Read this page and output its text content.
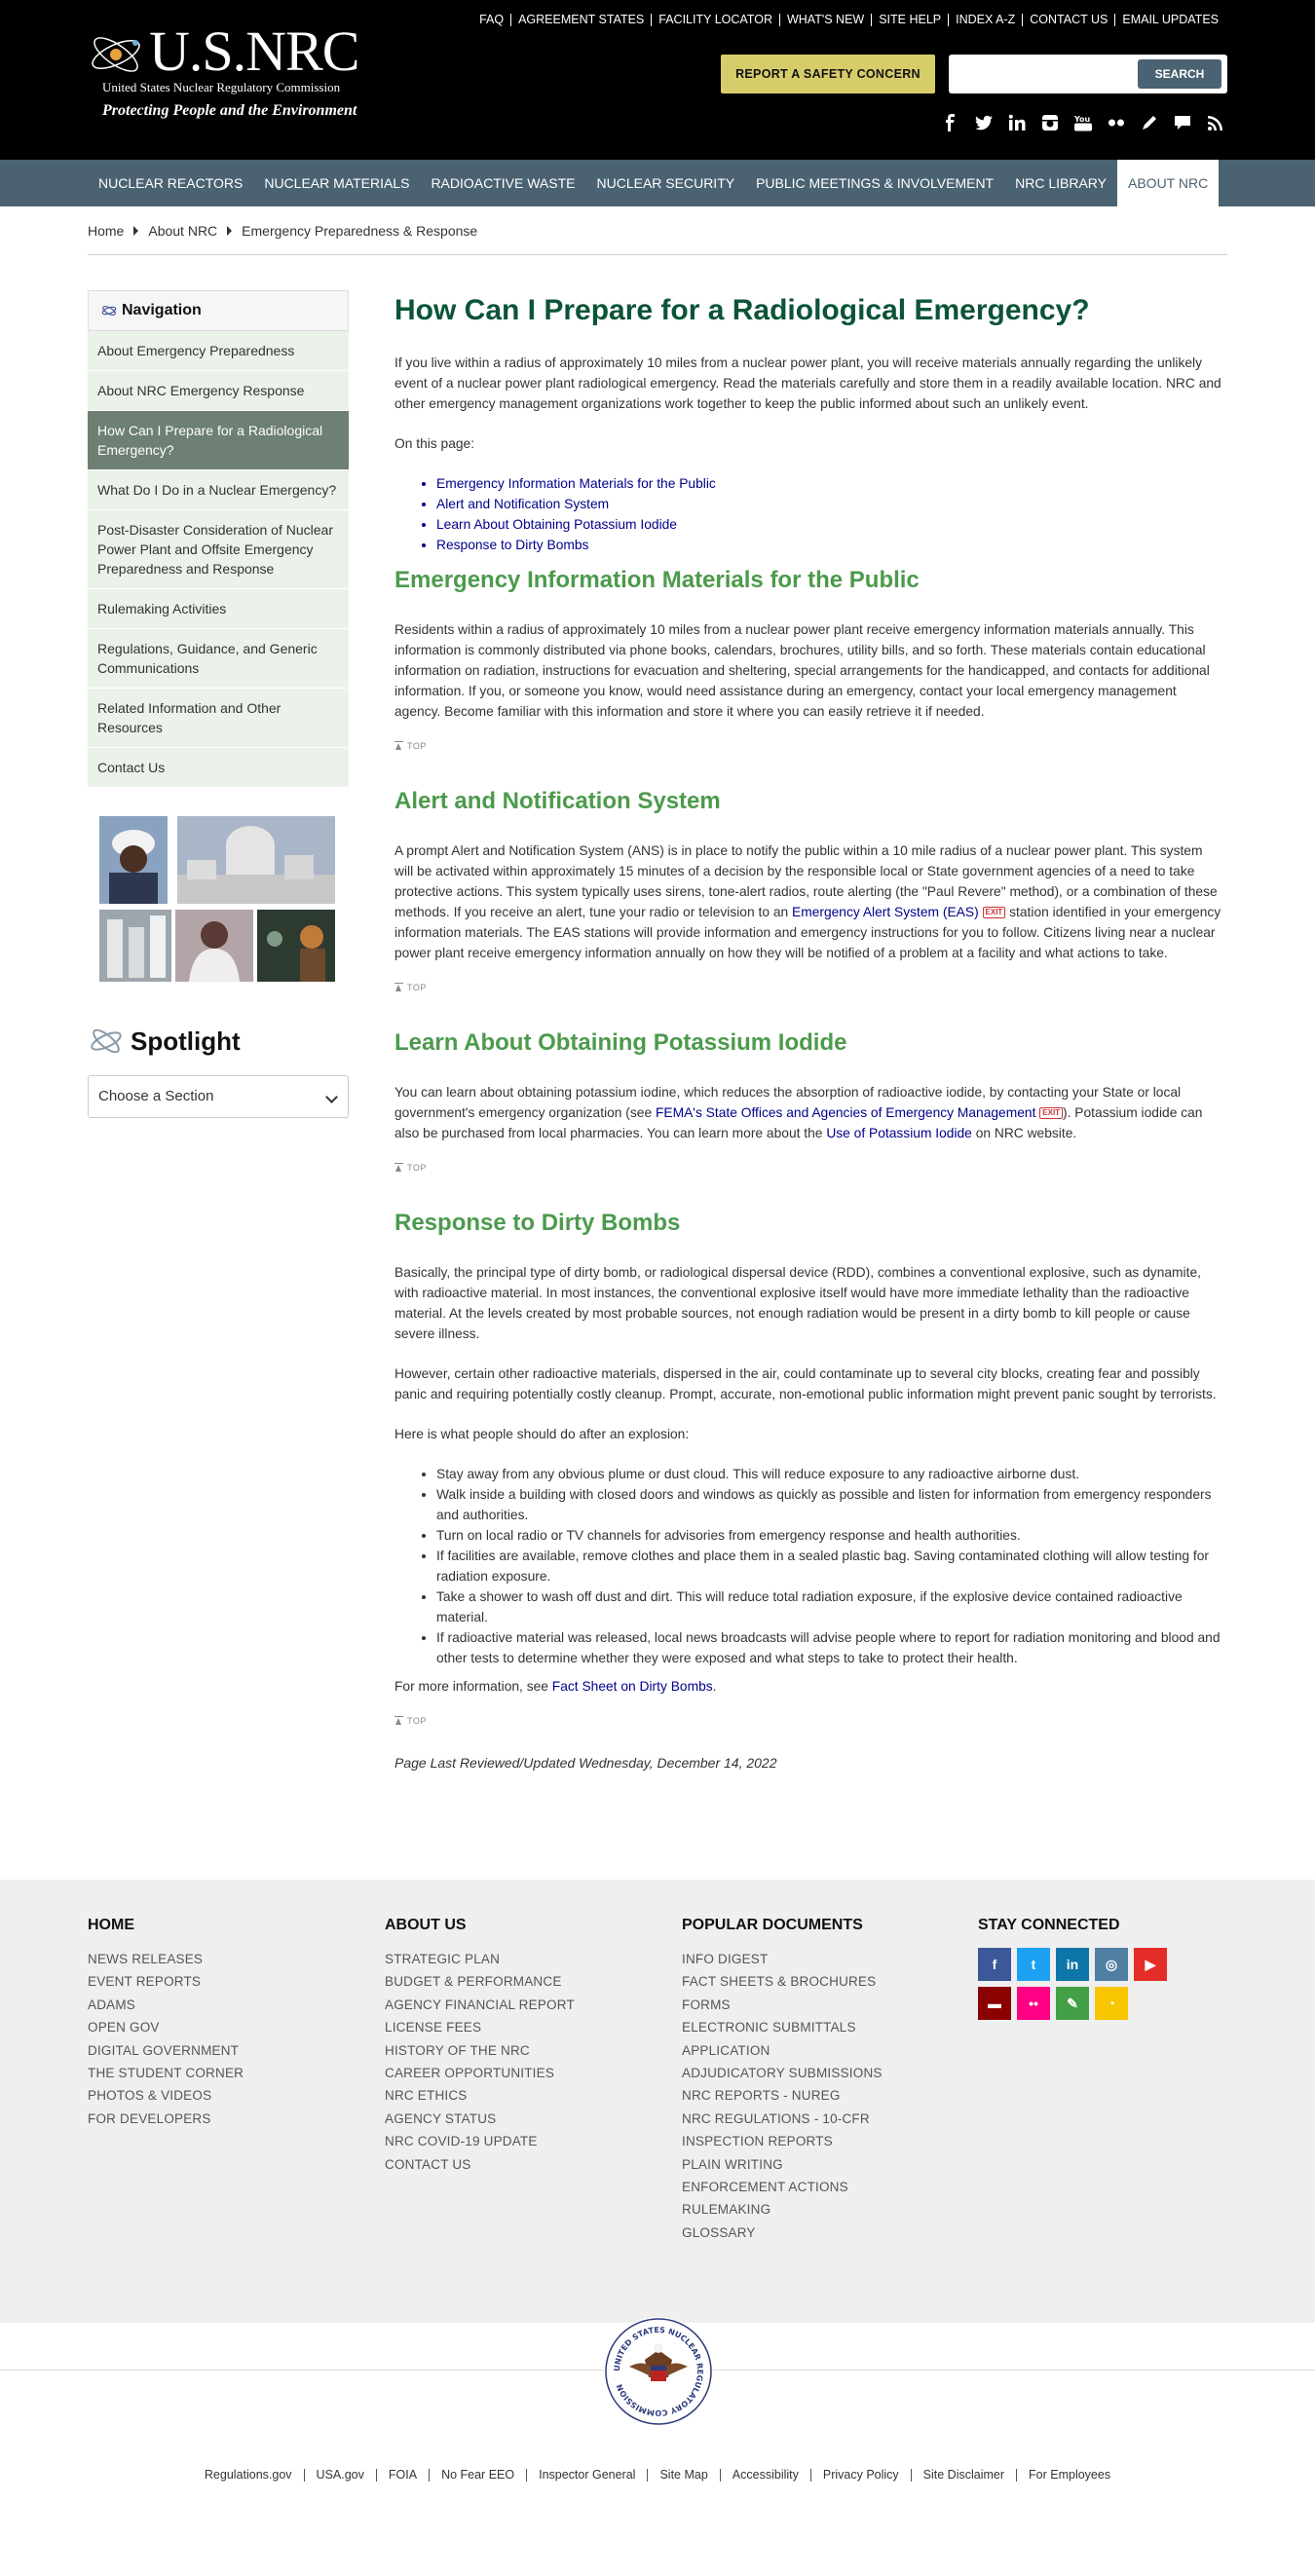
U.S.NRC
United States Nuclear Regulatory Commission
Protecting People and the Environment
FAQ	AGREEMENT STATES	FACILITY LOCATOR	WHAT'S NEW	SITE HELP	INDEX A-Z	CONTACT US	EMAIL UPDATES
REPORT A SAFETY CONCERN	SEARCH
You
NUCLEAR REACTORS	NUCLEAR MATERIALS	RADIOACTIVE WASTE	NUCLEAR SECURITY	PUBLIC MEETINGS & INVOLVEMENT	NRC LIBRARY	ABOUT NRC
Home About NRC Emergency Preparedness & Response
Navigation
About Emergency Preparedness
About NRC Emergency Response
How Can I Prepare for a Radiological Emergency?
What Do I Do in a Nuclear Emergency?
Post-Disaster Consideration of Nuclear Power Plant and Offsite Emergency Preparedness and Response
Rulemaking Activities
Regulations, Guidance, and Generic Communications
Related Information and Other Resources
Contact Us
Spotlight
Choose a Section
How Can I Prepare for a Radiological Emergency?

If you live within a radius of approximately 10 miles from a nuclear power plant, you will receive materials annually regarding the unlikely event of a nuclear power plant radiological emergency. Read the materials carefully and store them in a readily available location. NRC and other emergency management organizations work together to keep the public informed about such an unlikely event.

On this page:

• Emergency Information Materials for the Public
• Alert and Notification System
• Learn About Obtaining Potassium Iodide
• Response to Dirty Bombs
Emergency Information Materials for the Public

Residents within a radius of approximately 10 miles from a nuclear power plant receive emergency information materials annually. This information is commonly distributed via phone books, calendars, brochures, utility bills, and so forth. These materials contain educational information on radiation, instructions for evacuation and sheltering, special arrangements for the handicapped, and contacts for additional information. If you, or someone you know, would need assistance during an emergency, contact your local emergency management agency. Become familiar with this information and store it where you can easily retrieve it if needed.

TOP
Alert and Notification System

A prompt Alert and Notification System (ANS) is in place to notify the public within a 10 mile radius of a nuclear power plant. This system will be activated within approximately 15 minutes of a decision by the responsible local or State government agencies of a need to take protective actions. This system typically uses sirens, tone-alert radios, route alerting (the "Paul Revere" method), or a combination of these methods. If you receive an alert, tune your radio or television to an Emergency Alert System (EAS) EXIT station identified in your emergency information materials. The EAS stations will provide information and emergency instructions for you to follow. Citizens living near a nuclear power plant receive emergency information annually on how they will be notified of a problem at a facility and what actions to take.

TOP
Learn About Obtaining Potassium Iodide

You can learn about obtaining potassium iodine, which reduces the absorption of radioactive iodide, by contacting your State or local government's emergency organization (see FEMA's State Offices and Agencies of Emergency Management EXIT ). Potassium iodide can also be purchased from local pharmacies. You can learn more about the Use of Potassium Iodide on NRC website.

TOP
Response to Dirty Bombs

Basically, the principal type of dirty bomb, or radiological dispersal device (RDD), combines a conventional explosive, such as dynamite, with radioactive material. In most instances, the conventional explosive itself would have more immediate lethality than the radioactive material. At the levels created by most probable sources, not enough radiation would be present in a dirty bomb to kill people or cause severe illness.

However, certain other radioactive materials, dispersed in the air, could contaminate up to several city blocks, creating fear and possibly panic and requiring potentially costly cleanup. Prompt, accurate, non-emotional public information might prevent panic sought by terrorists.

Here is what people should do after an explosion:

• Stay away from any obvious plume or dust cloud. This will reduce exposure to any radioactive airborne dust.
• Walk inside a building with closed doors and windows as quickly as possible and listen for information from emergency responders and authorities.
• Turn on local radio or TV channels for advisories from emergency response and health authorities.
• If facilities are available, remove clothes and place them in a sealed plastic bag. Saving contaminated clothing will allow testing for radiation exposure.
• Take a shower to wash off dust and dirt. This will reduce total radiation exposure, if the explosive device contained radioactive material.
• If radioactive material was released, local news broadcasts will advise people where to report for radiation monitoring and blood and other tests to determine whether they were exposed and what steps to take to protect their health.

For more information, see Fact Sheet on Dirty Bombs.

TOP
Page Last Reviewed/Updated Wednesday, December 14, 2022
HOME
NEWS RELEASES
EVENT REPORTS
ADAMS
OPEN GOV
DIGITAL GOVERNMENT
THE STUDENT CORNER
PHOTOS & VIDEOS
FOR DEVELOPERS
ABOUT US
STRATEGIC PLAN
BUDGET & PERFORMANCE
AGENCY FINANCIAL REPORT
LICENSE FEES
HISTORY OF THE NRC
CAREER OPPORTUNITIES
NRC ETHICS
AGENCY STATUS
NRC COVID-19 UPDATE
CONTACT US
POPULAR DOCUMENTS
INFO DIGEST
FACT SHEETS & BROCHURES
FORMS
ELECTRONIC SUBMITTALS
APPLICATION
ADJUDICATORY SUBMISSIONS
NRC REPORTS - NUREG
NRC REGULATIONS - 10-CFR
INSPECTION REPORTS
PLAIN WRITING
ENFORCEMENT ACTIONS
RULEMAKING
GLOSSARY
STAY CONNECTED
f	t in ◎ ▶
▬ •• ✎ ◔
UNITED STATES NUCLEAR REGULATORY COMMISSION
Regulations.gov	USA.gov	FOIA	No Fear EEO	Inspector General	Site Map	Accessibility	Privacy Policy	Site Disclaimer	For Employees
